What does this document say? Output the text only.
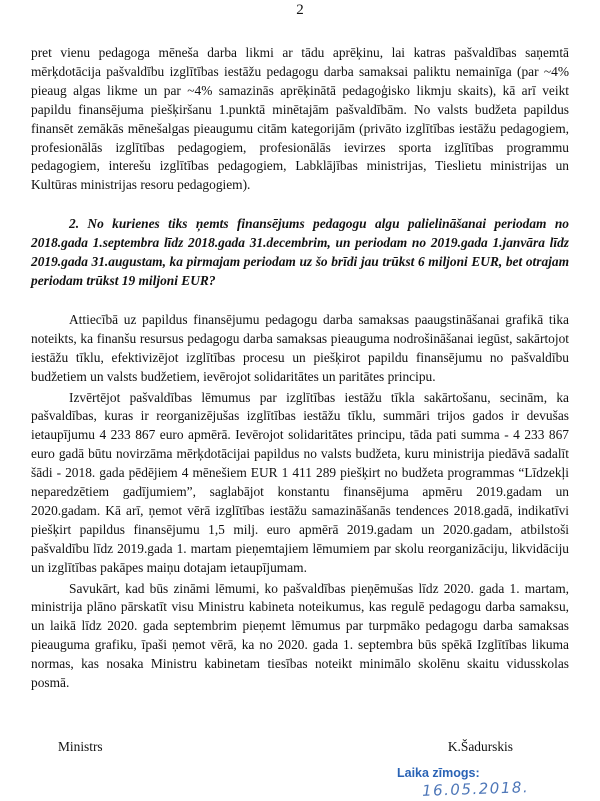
2

pret vienu pedagoga mēneša darba likmi ar tādu aprēķinu, lai katras pašvaldības saņemtā mērķdotācija pašvaldību izglītības iestāžu pedagogu darba samaksai paliktu nemainīga (par ~4% pieaug algas likme un par ~4% samazinās aprēķinātā pedagoģisko likmju skaits), kā arī veikt papildu finansējuma piešķiršanu 1.punktā minētajām pašvaldībām. No valsts budžeta papildus finansēt zemākās mēnešalgas pieaugumu citām kategorijām (privāto izglītības iestāžu pedagogiem, profesionālās izglītības pedagogiem, profesionālās ievirzes sporta izglītības programmu pedagogiem, interešu izglītības pedagogiem, Labklājības ministrijas, Tieslietu ministrijas un Kultūras ministrijas resoru pedagogiem).

2. No kurienes tiks ņemts finansējums pedagogu algu palielināšanai periodam no 2018.gada 1.septembra līdz 2018.gada 31.decembrim, un periodam no 2019.gada 1.janvāra līdz 2019.gada 31.augustam, ka pirmajam periodam uz šo brīdi jau trūkst 6 miljoni EUR, bet otrajam periodam trūkst 19 miljoni EUR?

Attiecībā uz papildus finansējumu pedagogu darba samaksas paaugstināšanai grafikā tika noteikts, ka finanšu resursus pedagogu darba samaksas pieauguma nodrošināšanai iegūst, sakārtojot iestāžu tīklu, efektivizējot izglītības procesu un piešķirot papildu finansējumu no pašvaldību budžetiem un valsts budžetiem, ievērojot solidaritātes un paritātes principu.

Izvērtējot pašvaldības lēmumus par izglītības iestāžu tīkla sakārtošanu, secinām, ka pašvaldības, kuras ir reorganizējušas izglītības iestāžu tīklu, summāri trijos gados ir devušas ietaupījumu 4 233 867 euro apmērā. Ievērojot solidaritātes principu, tāda pati summa - 4 233 867 euro gadā būtu novirzāma mērķdotācijai papildus no valsts budžeta, kuru ministrija piedāvā sadalīt šādi - 2018. gada pēdējiem 4 mēnešiem EUR 1 411 289 piešķirt no budžeta programmas “Līdzekļi neparedzētiem gadījumiem”, saglabājot konstantu finansējuma apmēru 2019.gadam un 2020.gadam. Kā arī, ņemot vērā izglītības iestāžu samazināšanās tendences 2018.gadā, indikatīvi piešķirt papildus finansējumu 1,5 milj. euro apmērā 2019.gadam un 2020.gadam, atbilstoši pašvaldību līdz 2019.gada 1. martam pieņemtajiem lēmumiem par skolu reorganizāciju, likvidāciju un izglītības pakāpes maiņu dotajam ietaupījumam.

Savukārt, kad būs zināmi lēmumi, ko pašvaldības pieņēmušas līdz 2020. gada 1. martam, ministrija plāno pārskatīt visu Ministru kabineta noteikumus, kas regulē pedagogu darba samaksu, un laikā līdz 2020. gada septembrim pieņemt lēmumus par turpmāko pedagogu darba samaksas pieauguma grafiku, īpaši ņemot vērā, ka no 2020. gada 1. septembra būs spēkā Izglītības likuma normas, kas nosaka Ministru kabinetam tiesības noteikt minimālo skolēnu skaitu vidusskolas posmā.

Ministrs	K.Šadurskis
Laika zīmogs:
16.05.2018.
